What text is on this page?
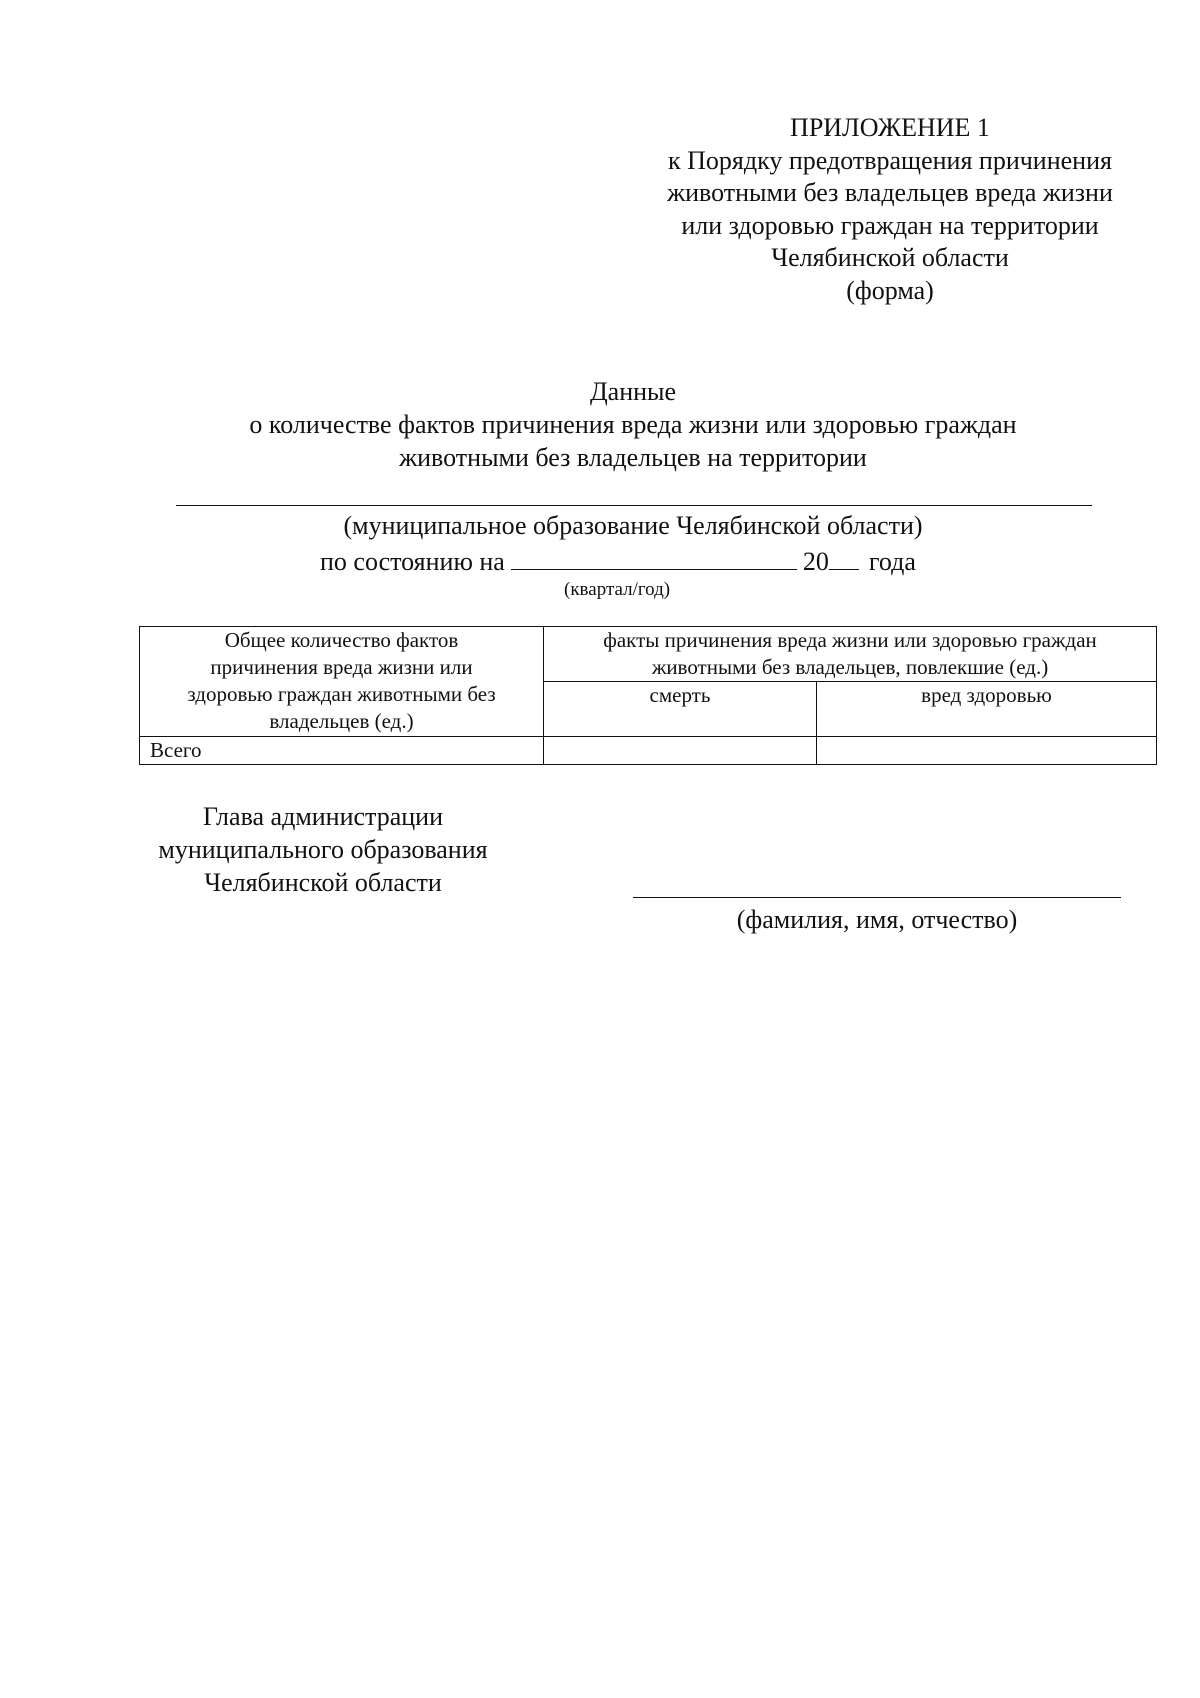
ПРИЛОЖЕНИЕ 1
к Порядку предотвращения причинения
животными без владельцев вреда жизни
или здоровью граждан на территории
Челябинской области
(форма)
Данные
о количестве фактов причинения вреда жизни или здоровью граждан
животными без владельцев на территории
(муниципальное образование Челябинской области)
по состоянию на	20 года
(квартал/год)
Общее количество фактов
причинения вреда жизни или
здоровью граждан животными без
владельцев (ед.)	факты причинения вреда жизни или здоровью граждан
животными без владельцев, повлекшие (ед.)	

	смерть	вред здоровью
Всего		
Глава администрации
муниципального образования
Челябинской области
(фамилия, имя, отчество)
